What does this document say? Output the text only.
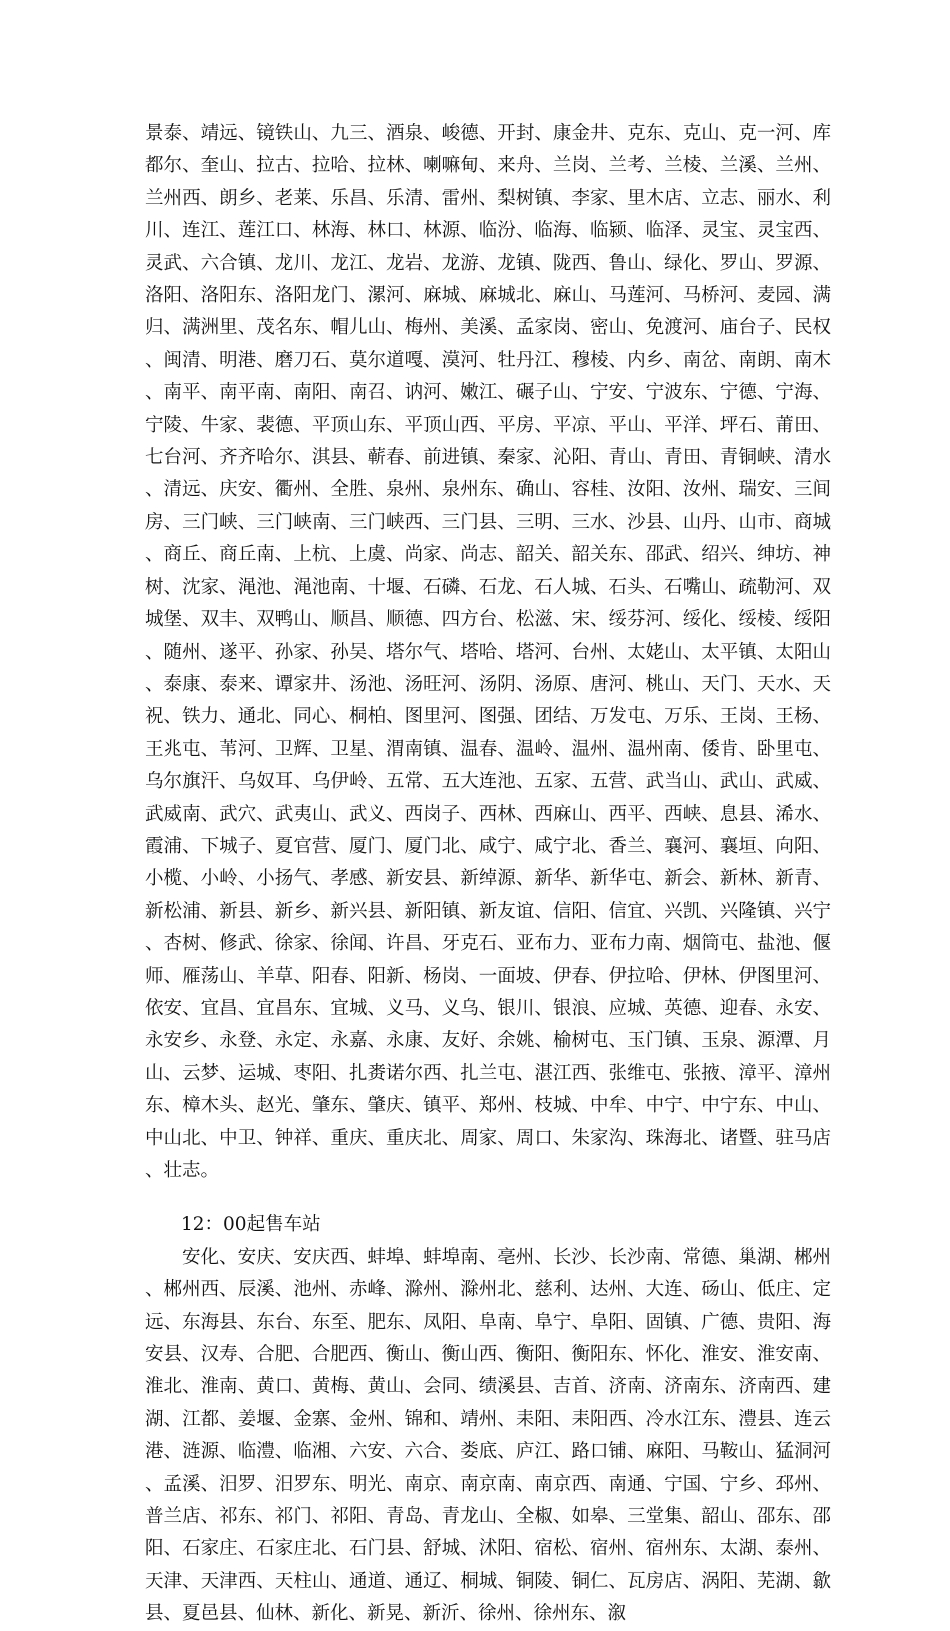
景泰、靖远、镜铁山、九三、酒泉、峻德、开封、康金井、克东、克山、克一河、库都尔、奎山、拉古、拉哈、拉林、喇嘛甸、来舟、兰岗、兰考、兰棱、兰溪、兰州、兰州西、朗乡、老莱、乐昌、乐清、雷州、梨树镇、李家、里木店、立志、丽水、利川、连江、莲江口、林海、林口、林源、临汾、临海、临颍、临泽、灵宝、灵宝西、灵武、六合镇、龙川、龙江、龙岩、龙游、龙镇、陇西、鲁山、绿化、罗山、罗源、洛阳、洛阳东、洛阳龙门、漯河、麻城、麻城北、麻山、马莲河、马桥河、麦园、满归、满洲里、茂名东、帽儿山、梅州、美溪、孟家岗、密山、免渡河、庙台子、民权、闽清、明港、磨刀石、莫尔道嘎、漠河、牡丹江、穆棱、内乡、南岔、南朗、南木、南平、南平南、南阳、南召、讷河、嫩江、碾子山、宁安、宁波东、宁德、宁海、宁陵、牛家、裴德、平顶山东、平顶山西、平房、平凉、平山、平洋、坪石、莆田、七台河、齐齐哈尔、淇县、蕲春、前进镇、秦家、沁阳、青山、青田、青铜峡、清水、清远、庆安、衢州、全胜、泉州、泉州东、确山、容桂、汝阳、汝州、瑞安、三间房、三门峡、三门峡南、三门峡西、三门县、三明、三水、沙县、山丹、山市、商城、商丘、商丘南、上杭、上虞、尚家、尚志、韶关、韶关东、邵武、绍兴、绅坊、神树、沈家、渑池、渑池南、十堰、石磷、石龙、石人城、石头、石嘴山、疏勒河、双城堡、双丰、双鸭山、顺昌、顺德、四方台、松滋、宋、绥芬河、绥化、绥棱、绥阳、随州、遂平、孙家、孙吴、塔尔气、塔哈、塔河、台州、太姥山、太平镇、太阳山、泰康、泰来、谭家井、汤池、汤旺河、汤阴、汤原、唐河、桃山、天门、天水、天祝、铁力、通北、同心、桐柏、图里河、图强、团结、万发屯、万乐、王岗、王杨、王兆屯、苇河、卫辉、卫星、渭南镇、温春、温岭、温州、温州南、倭肯、卧里屯、乌尔旗汗、乌奴耳、乌伊岭、五常、五大连池、五家、五营、武当山、武山、武威、武威南、武穴、武夷山、武义、西岗子、西林、西麻山、西平、西峡、息县、浠水、霞浦、下城子、夏官营、厦门、厦门北、咸宁、咸宁北、香兰、襄河、襄垣、向阳、小榄、小岭、小扬气、孝感、新安县、新绰源、新华、新华屯、新会、新林、新青、新松浦、新县、新乡、新兴县、新阳镇、新友谊、信阳、信宜、兴凯、兴隆镇、兴宁、杏树、修武、徐家、徐闻、许昌、牙克石、亚布力、亚布力南、烟筒屯、盐池、偃师、雁荡山、羊草、阳春、阳新、杨岗、一面坡、伊春、伊拉哈、伊林、伊图里河、依安、宜昌、宜昌东、宜城、义马、义乌、银川、银浪、应城、英德、迎春、永安、永安乡、永登、永定、永嘉、永康、友好、余姚、榆树屯、玉门镇、玉泉、源潭、月山、云梦、运城、枣阳、扎赉诺尔西、扎兰屯、湛江西、张维屯、张掖、漳平、漳州东、樟木头、赵光、肇东、肇庆、镇平、郑州、枝城、中牟、中宁、中宁东、中山、中山北、中卫、钟祥、重庆、重庆北、周家、周口、朱家沟、珠海北、诸暨、驻马店、壮志。

12：00起售车站

安化、安庆、安庆西、蚌埠、蚌埠南、亳州、长沙、长沙南、常德、巢湖、郴州、郴州西、辰溪、池州、赤峰、滁州、滁州北、慈利、达州、大连、砀山、低庄、定远、东海县、东台、东至、肥东、凤阳、阜南、阜宁、阜阳、固镇、广德、贵阳、海安县、汉寿、合肥、合肥西、衡山、衡山西、衡阳、衡阳东、怀化、淮安、淮安南、淮北、淮南、黄口、黄梅、黄山、会同、绩溪县、吉首、济南、济南东、济南西、建湖、江都、姜堰、金寨、金州、锦和、靖州、耒阳、耒阳西、冷水江东、澧县、连云港、涟源、临澧、临湘、六安、六合、娄底、庐江、路口铺、麻阳、马鞍山、猛洞河、孟溪、汨罗、汨罗东、明光、南京、南京南、南京西、南通、宁国、宁乡、邳州、普兰店、祁东、祁门、祁阳、青岛、青龙山、全椒、如皋、三堂集、韶山、邵东、邵阳、石家庄、石家庄北、石门县、舒城、沭阳、宿松、宿州、宿州东、太湖、泰州、天津、天津西、天柱山、通道、通辽、桐城、铜陵、铜仁、瓦房店、涡阳、芜湖、歙县、夏邑县、仙林、新化、新晃、新沂、徐州、徐州东、溆
